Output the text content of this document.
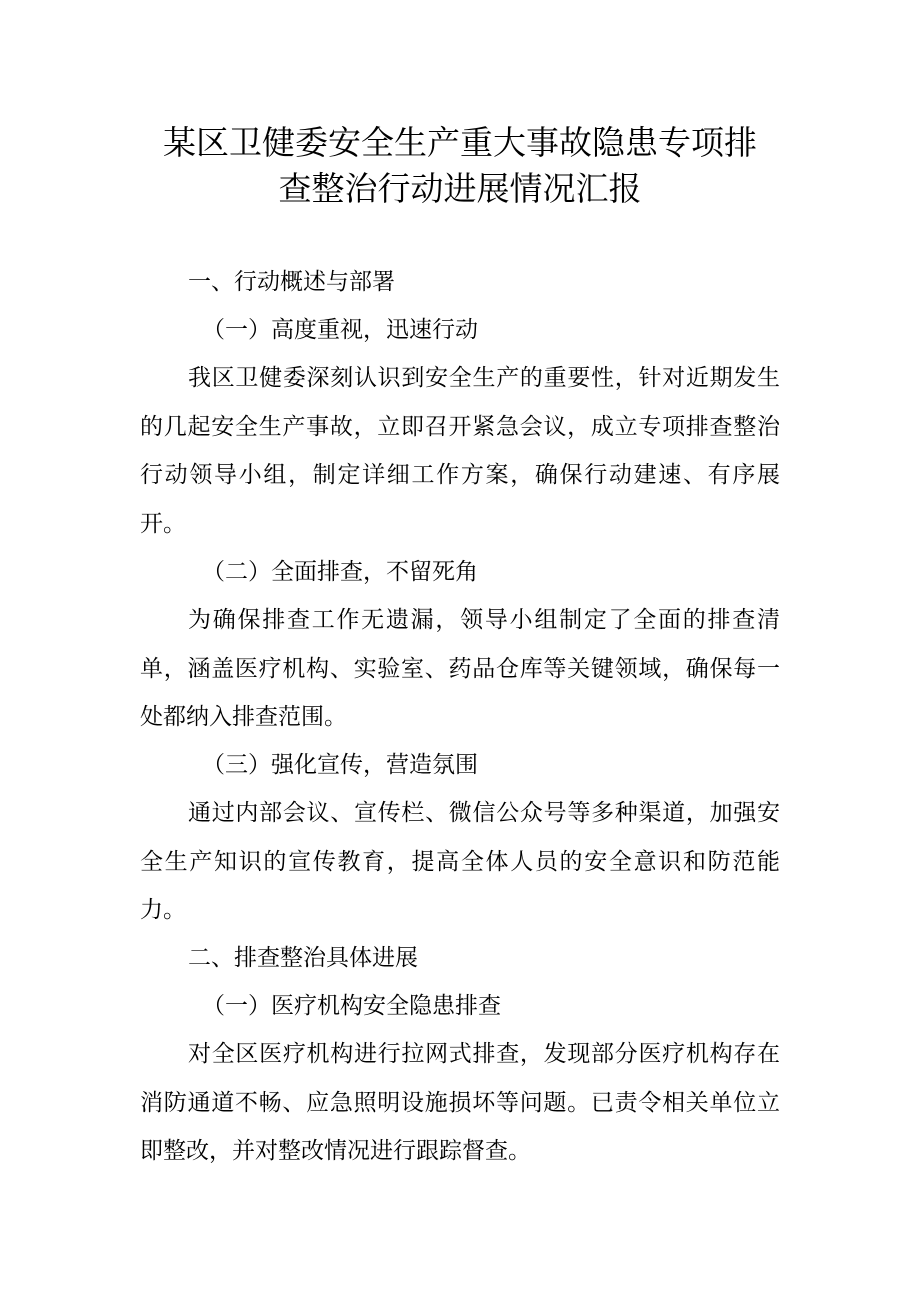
某区卫健委安全生产重大事故隐患专项排
查整治行动进展情况汇报

一、行动概述与部署

（一）高度重视，迅速行动

我区卫健委深刻认识到安全生产的重要性，针对近期发生的几起安全生产事故，立即召开紧急会议，成立专项排查整治行动领导小组，制定详细工作方案，确保行动建速、有序展开。

（二）全面排查，不留死角

为确保排查工作无遗漏，领导小组制定了全面的排查清单，涵盖医疗机构、实验室、药品仓库等关键领域，确保每一处都纳入排查范围。

（三）强化宣传，营造氛围

通过内部会议、宣传栏、微信公众号等多种渠道，加强安全生产知识的宣传教育，提高全体人员的安全意识和防范能力。

二、排查整治具体进展

（一）医疗机构安全隐患排查

对全区医疗机构进行拉网式排查，发现部分医疗机构存在消防通道不畅、应急照明设施损坏等问题。已责令相关单位立即整改，并对整改情况进行跟踪督查。
